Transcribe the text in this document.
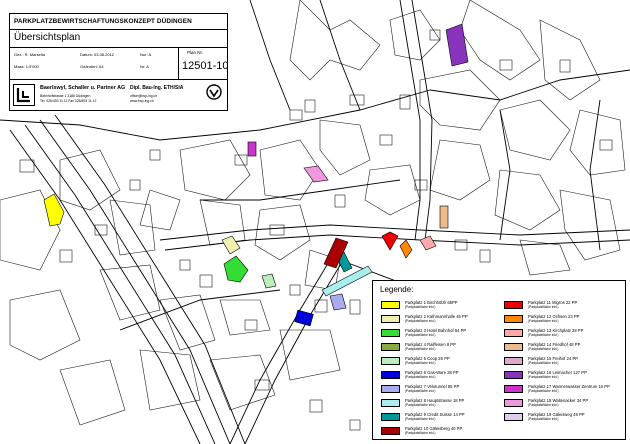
PARKPLATZBEWIRTSCHAFTUNGSKONZEPT DÜDINGEN
Übersichtsplan
Gez.: R. Marsella	Datum: 03.08.2012	Nur: A
Mass: 1:5'000	Geändert: A4	Nr: A
Plan Nr.
12501-10
Baerlswyl, Schaller u. Partner AG Dipl. Bau-Ing. ETH/SIA
Bahnhofstrasse 1 3186 Düdingen
Tel. 026/493 11 11 Fax 026/493 11 12
office@bsp-ing.ch
www.bsp-ing.ch
Legende:
Parkplatz 1 Birchhölzli 65PP
(Parkplatzfläche inkl.)
Parkplatz 2 Kathmannhalle 45 PP
(Parkplatzfläche inkl.)
Parkplatz 3 Hotel Bahnhof 54 PP
(Parkplatzfläche inkl.)
Parkplatz 4 Raiffeisen 8 PP
(Parkplatzfläche inkl.)
Parkplatz 5 Coop 25 PP
(Parkplatzfläche inkl.)
Parkplatz 6 Gas-Ware 28 PP
(Parkplatzfläche inkl.)
Parkplatz 7 Velotunnel 55 PP
(Parkplatzfläche inkl.)
Parkplatz 8 Hauptstrasse 18 PP
(Parkplatzfläche inkl.)
Parkplatz 9 Credit Suisse 14 PP
(Parkplatzfläche inkl.)
Parkplatz 10 Gäleisberg 40 PP
(Parkplatzfläche inkl.)
Parkplatz 11 Migros 22 PP
(Parkplatzfläche inkl.)
Parkplatz 12 Ochsen 23 PP
(Parkplatzfläche inkl.)
Parkplatz 13 Kirchplatz 28 PP
(Parkplatzfläche inkl.)
Parkplatz 14 Friedhof 48 PP
(Parkplatzfläche inkl.)
Parkplatz 15 Freihof 24 PP
(Parkplatzfläche inkl.)
Parkplatz 16 Leimacher 127 PP
(Parkplatzfläche inkl.)
Parkplatz 17 Warmerwasser Zentrum 16 PP
(Parkplatzfläche inkl.)
Parkplatz 18 Waltenacker 34 PP
(Parkplatzfläche inkl.)
Parkplatz 19 Gäleisweg 49 PP
(Parkplatzfläche inkl.)
